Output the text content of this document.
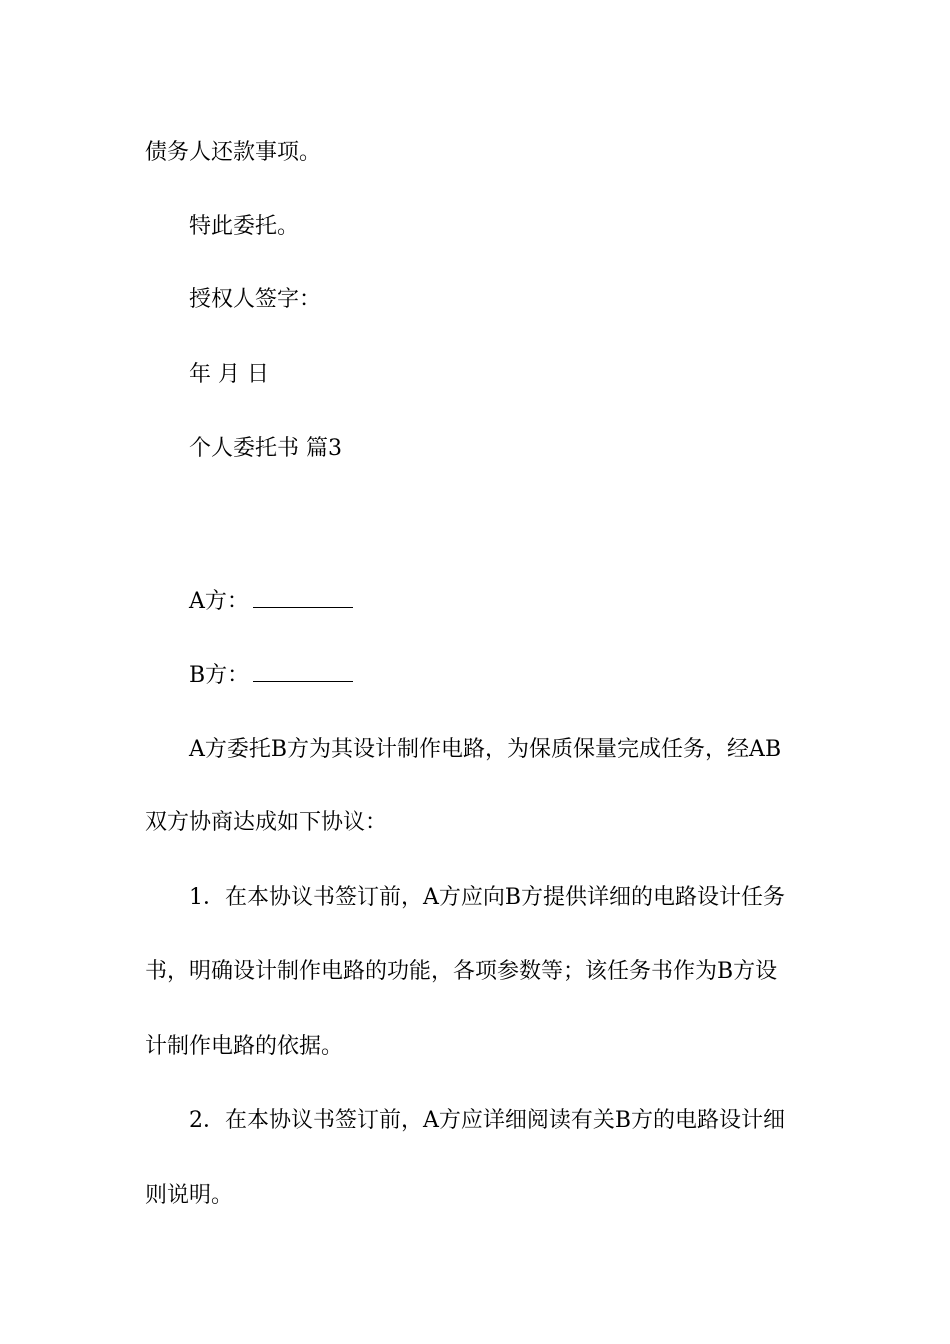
债务人还款事项。
特此委托。
授权人签字：
年 月 日
个人委托书 篇3
A方：
B方：
A方委托B方为其设计制作电路，为保质保量完成任务，经AB
双方协商达成如下协议：
1．在本协议书签订前，A方应向B方提供详细的电路设计任务
书，明确设计制作电路的功能，各项参数等；该任务书作为B方设
计制作电路的依据。
2．在本协议书签订前，A方应详细阅读有关B方的电路设计细
则说明。
